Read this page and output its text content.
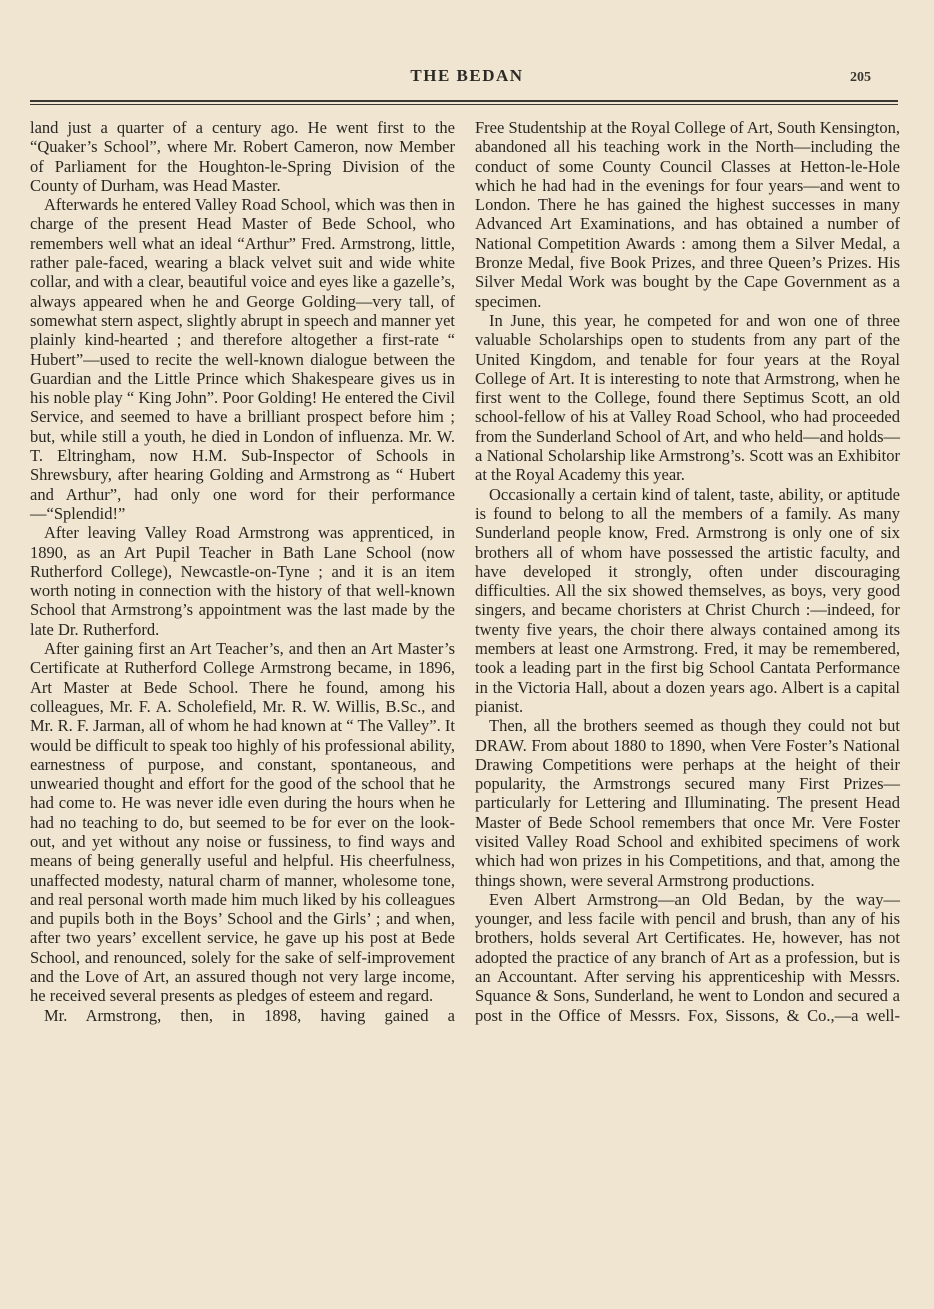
THE BEDAN	205

land just a quarter of a century ago. He went first to the “Quaker’s School”, where Mr. Robert Cameron, now Member of Parliament for the Houghton-le-Spring Division of the County of Durham, was Head Master.

Afterwards he entered Valley Road School, which was then in charge of the present Head Master of Bede School, who remembers well what an ideal “Arthur” Fred. Armstrong, little, rather pale-faced, wearing a black velvet suit and wide white collar, and with a clear, beautiful voice and eyes like a gazelle’s, always appeared when he and George Golding—very tall, of somewhat stern aspect, slightly abrupt in speech and manner yet plainly kind-hearted ; and therefore altogether a first-rate “ Hubert”—used to recite the well-known dialogue between the Guardian and the Little Prince which Shakespeare gives us in his noble play “ King John”. Poor Golding! He entered the Civil Service, and seemed to have a brilliant prospect before him ; but, while still a youth, he died in London of influenza. Mr. W. T. Eltringham, now H.M. Sub-Inspector of Schools in Shrewsbury, after hearing Golding and Armstrong as “ Hubert and Arthur”, had only one word for their performance—“Splendid!”

After leaving Valley Road Armstrong was apprenticed, in 1890, as an Art Pupil Teacher in Bath Lane School (now Rutherford College), Newcastle-on-Tyne ; and it is an item worth noting in connection with the history of that well-known School that Armstrong’s appointment was the last made by the late Dr. Rutherford.

After gaining first an Art Teacher’s, and then an Art Master’s Certificate at Rutherford College Armstrong became, in 1896, Art Master at Bede School. There he found, among his colleagues, Mr. F. A. Scholefield, Mr. R. W. Willis, B.Sc., and Mr. R. F. Jarman, all of whom he had known at “ The Valley”. It would be difficult to speak too highly of his professional ability, earnestness of purpose, and constant, spontaneous, and unwearied thought and effort for the good of the school that he had come to. He was never idle even during the hours when he had no teaching to do, but seemed to be for ever on the look-out, and yet without any noise or fussiness, to find ways and means of being generally useful and helpful. His cheerfulness, unaffected modesty, natural charm of manner, wholesome tone, and real personal worth made him much liked by his colleagues and pupils both in the Boys’ School and the Girls’ ; and when, after two years’ excellent service, he gave up his post at Bede School, and renounced, solely for the sake of self-improvement and the Love of Art, an assured though not very large income, he received several presents as pledges of esteem and regard.

Mr. Armstrong, then, in 1898, having gained a

Free Studentship at the Royal College of Art, South Kensington, abandoned all his teaching work in the North—including the conduct of some County Council Classes at Hetton-le-Hole which he had had in the evenings for four years—and went to London. There he has gained the highest successes in many Advanced Art Examinations, and has obtained a number of National Competition Awards : among them a Silver Medal, a Bronze Medal, five Book Prizes, and three Queen’s Prizes. His Silver Medal Work was bought by the Cape Government as a specimen.

In June, this year, he competed for and won one of three valuable Scholarships open to students from any part of the United Kingdom, and tenable for four years at the Royal College of Art. It is interesting to note that Armstrong, when he first went to the College, found there Septimus Scott, an old school-fellow of his at Valley Road School, who had proceeded from the Sunderland School of Art, and who held—and holds—a National Scholarship like Armstrong’s. Scott was an Exhibitor at the Royal Academy this year.

Occasionally a certain kind of talent, taste, ability, or aptitude is found to belong to all the members of a family. As many Sunderland people know, Fred. Armstrong is only one of six brothers all of whom have possessed the artistic faculty, and have developed it strongly, often under discouraging difficulties. All the six showed themselves, as boys, very good singers, and became choristers at Christ Church :—indeed, for twenty five years, the choir there always contained among its members at least one Armstrong. Fred, it may be remembered, took a leading part in the first big School Cantata Performance in the Victoria Hall, about a dozen years ago. Albert is a capital pianist.

Then, all the brothers seemed as though they could not but DRAW. From about 1880 to 1890, when Vere Foster’s National Drawing Competitions were perhaps at the height of their popularity, the Armstrongs secured many First Prizes—particularly for Lettering and Illuminating. The present Head Master of Bede School remembers that once Mr. Vere Foster visited Valley Road School and exhibited specimens of work which had won prizes in his Competitions, and that, among the things shown, were several Armstrong productions.

Even Albert Armstrong—an Old Bedan, by the way—younger, and less facile with pencil and brush, than any of his brothers, holds several Art Certificates. He, however, has not adopted the practice of any branch of Art as a profession, but is an Accountant. After serving his apprenticeship with Messrs. Squance & Sons, Sunderland, he went to London and secured a post in the Office of Messrs. Fox, Sissons, & Co.,—a well-
